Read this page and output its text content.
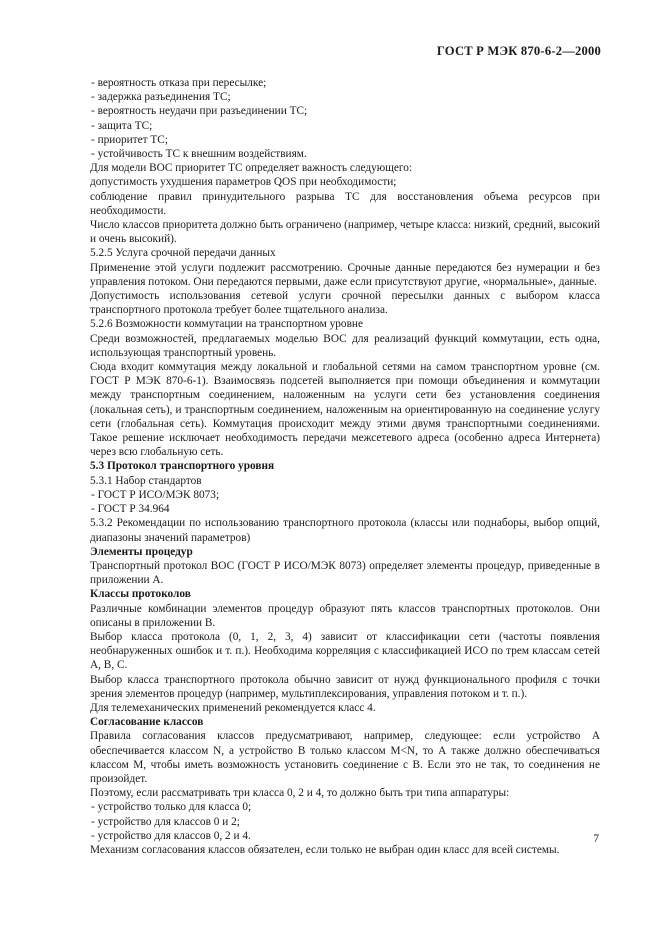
ГОСТ Р МЭК 870-6-2—2000

- вероятность отказа при пересылке;

- задержка разъединения ТС;

- вероятность неудачи при разъединении ТС;

- защита ТС;

- приоритет ТС;

- устойчивость ТС к внешним воздействиям.

Для модели ВОС приоритет ТС определяет важность следующего:

допустимость ухудшения параметров QOS при необходимости;

соблюдение правил принудительного разрыва ТС для восстановления объема ресурсов при необходимости.

Число классов приоритета должно быть ограничено (например, четыре класса: низкий, средний, высокий и очень высокий).

5.2.5 Услуга срочной передачи данных

Применение этой услуги подлежит рассмотрению. Срочные данные передаются без нумерации и без управления потоком. Они передаются первыми, даже если присутствуют другие, «нормальные», данные.

Допустимость использования сетевой услуги срочной пересылки данных с выбором класса транспортного протокола требует более тщательного анализа.

5.2.6 Возможности коммутации на транспортном уровне

Среди возможностей, предлагаемых моделью ВОС для реализаций функций коммутации, есть одна, использующая транспортный уровень.

Сюда входит коммутация между локальной и глобальной сетями на самом транспортном уровне (см. ГОСТ Р МЭК 870-6-1). Взаимосвязь подсетей выполняется при помощи объединения и коммутации между транспортным соединением, наложенным на услуги сети без установления соединения (локальная сеть), и транспортным соединением, наложенным на ориентированную на соединение услугу сети (глобальная сеть). Коммутация происходит между этими двумя транспортными соединениями. Такое решение исключает необходимость передачи межсетевого адреса (особенно адреса Интернета) через всю глобальную сеть.

5.3 Протокол транспортного уровня

5.3.1 Набор стандартов

- ГОСТ Р ИСО/МЭК 8073;

- ГОСТ Р 34.964

5.3.2 Рекомендации по использованию транспортного протокола (классы или поднаборы, выбор опций, диапазоны значений параметров)

Элементы процедур

Транспортный протокол ВОС (ГОСТ Р ИСО/МЭК 8073) определяет элементы процедур, приведенные в приложении А.

Классы протоколов

Различные комбинации элементов процедур образуют пять классов транспортных протоколов. Они описаны в приложении В.

Выбор класса протокола (0, 1, 2, 3, 4) зависит от классификации сети (частоты появления необнаруженных ошибок и т. п.). Необходима корреляция с классификацией ИСО по трем классам сетей А, В, С.

Выбор класса транспортного протокола обычно зависит от нужд функционального профиля с точки зрения элементов процедур (например, мультиплексирования, управления потоком и т. п.).

Для телемеханических применений рекомендуется класс 4.

Согласование классов

Правила согласования классов предусматривают, например, следующее: если устройство А обеспечивается классом N, а устройство В только классом M<N, то А также должно обеспечиваться классом М, чтобы иметь возможность установить соединение с В. Если это не так, то соединения не произойдет.

Поэтому, если рассматривать три класса 0, 2 и 4, то должно быть три типа аппаратуры:

- устройство только для класса 0;

- устройство для классов 0 и 2;

- устройство для классов 0, 2 и 4.

Механизм согласования классов обязателен, если только не выбран один класс для всей системы.

7
